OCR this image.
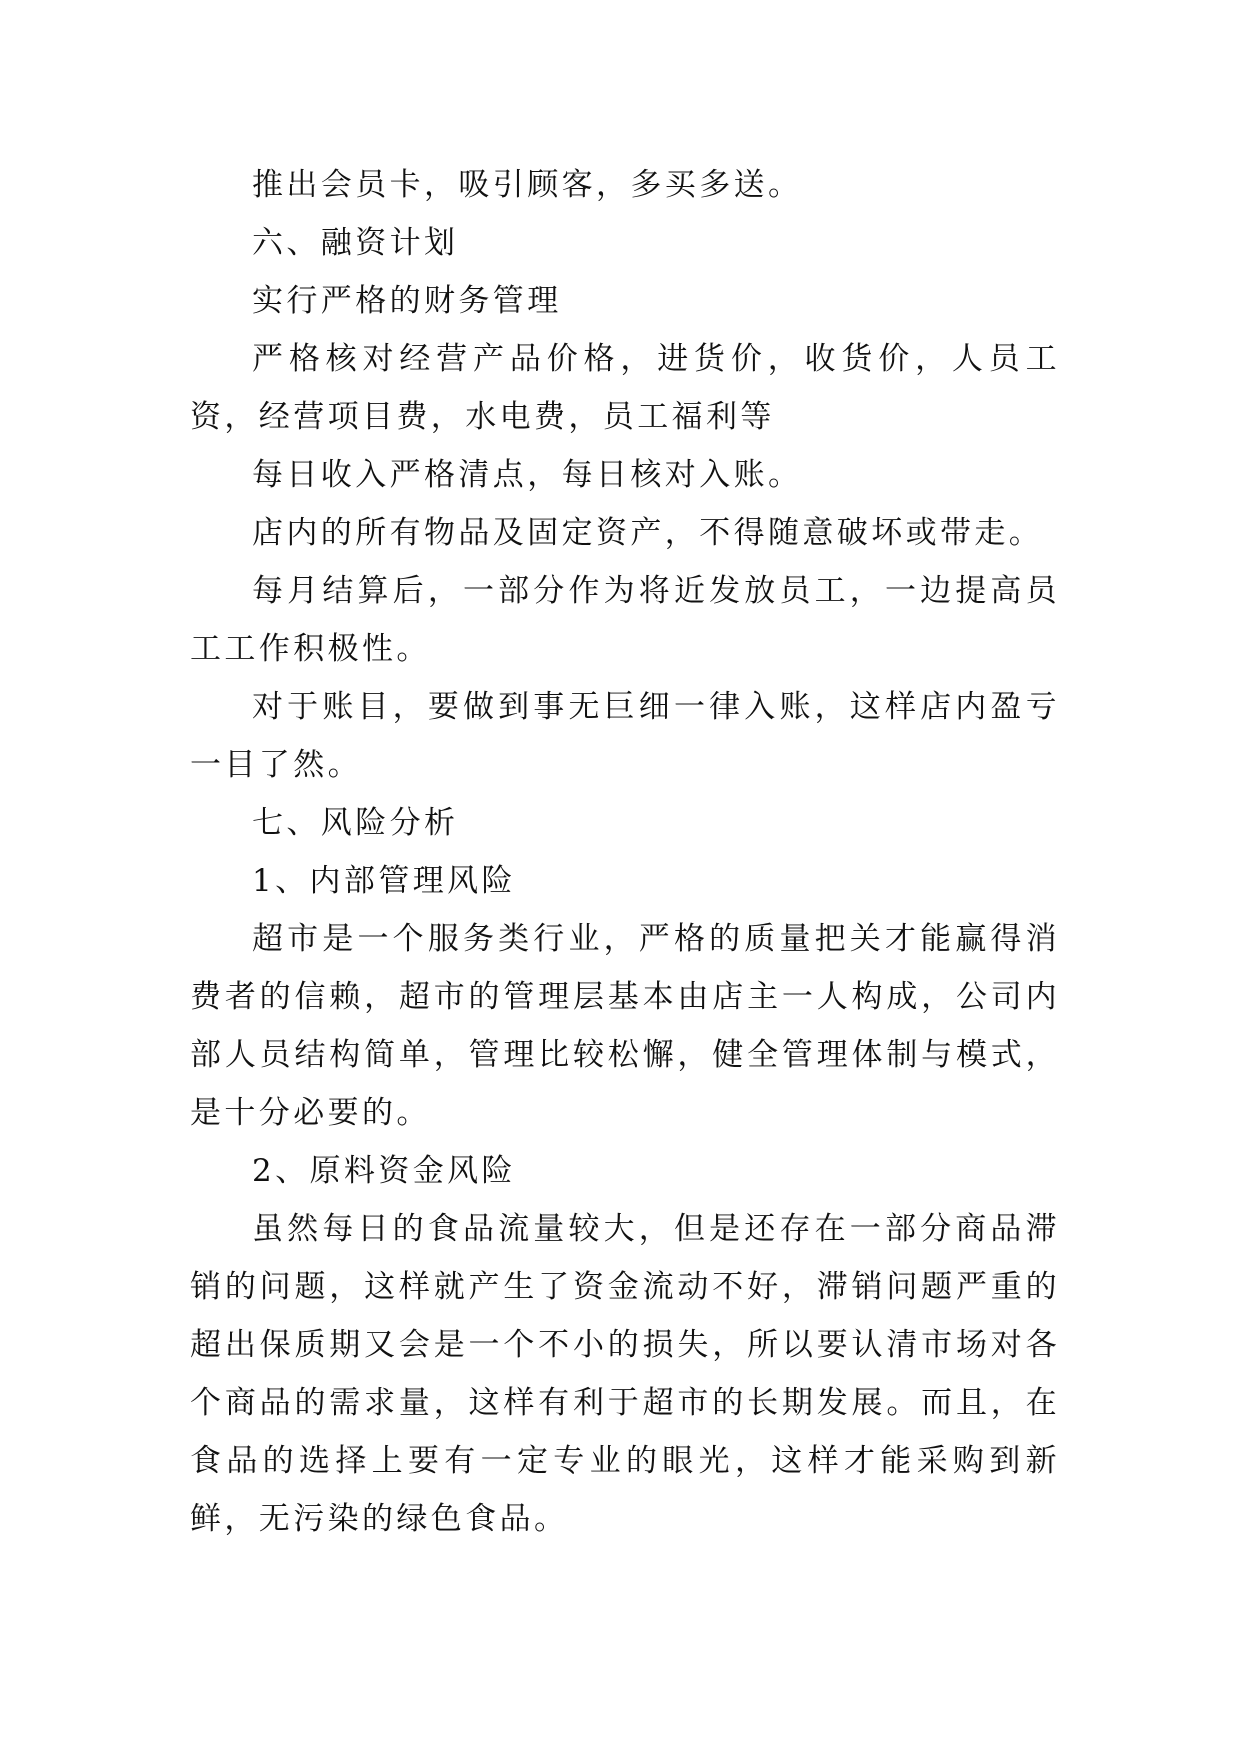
推出会员卡，吸引顾客，多买多送。

六、融资计划

实行严格的财务管理

严格核对经营产品价格，进货价，收货价，人员工资，经营项目费，水电费，员工福利等

每日收入严格清点，每日核对入账。

店内的所有物品及固定资产，不得随意破坏或带走。

每月结算后，一部分作为将近发放员工，一边提高员工工作积极性。

对于账目，要做到事无巨细一律入账，这样店内盈亏一目了然。

七、风险分析

1、内部管理风险

超市是一个服务类行业，严格的质量把关才能赢得消费者的信赖，超市的管理层基本由店主一人构成，公司内部人员结构简单，管理比较松懈，健全管理体制与模式，是十分必要的。

2、原料资金风险

虽然每日的食品流量较大，但是还存在一部分商品滞销的问题，这样就产生了资金流动不好，滞销问题严重的超出保质期又会是一个不小的损失，所以要认清市场对各个商品的需求量，这样有利于超市的长期发展。而且，在食品的选择上要有一定专业的眼光，这样才能采购到新鲜，无污染的绿色食品。
